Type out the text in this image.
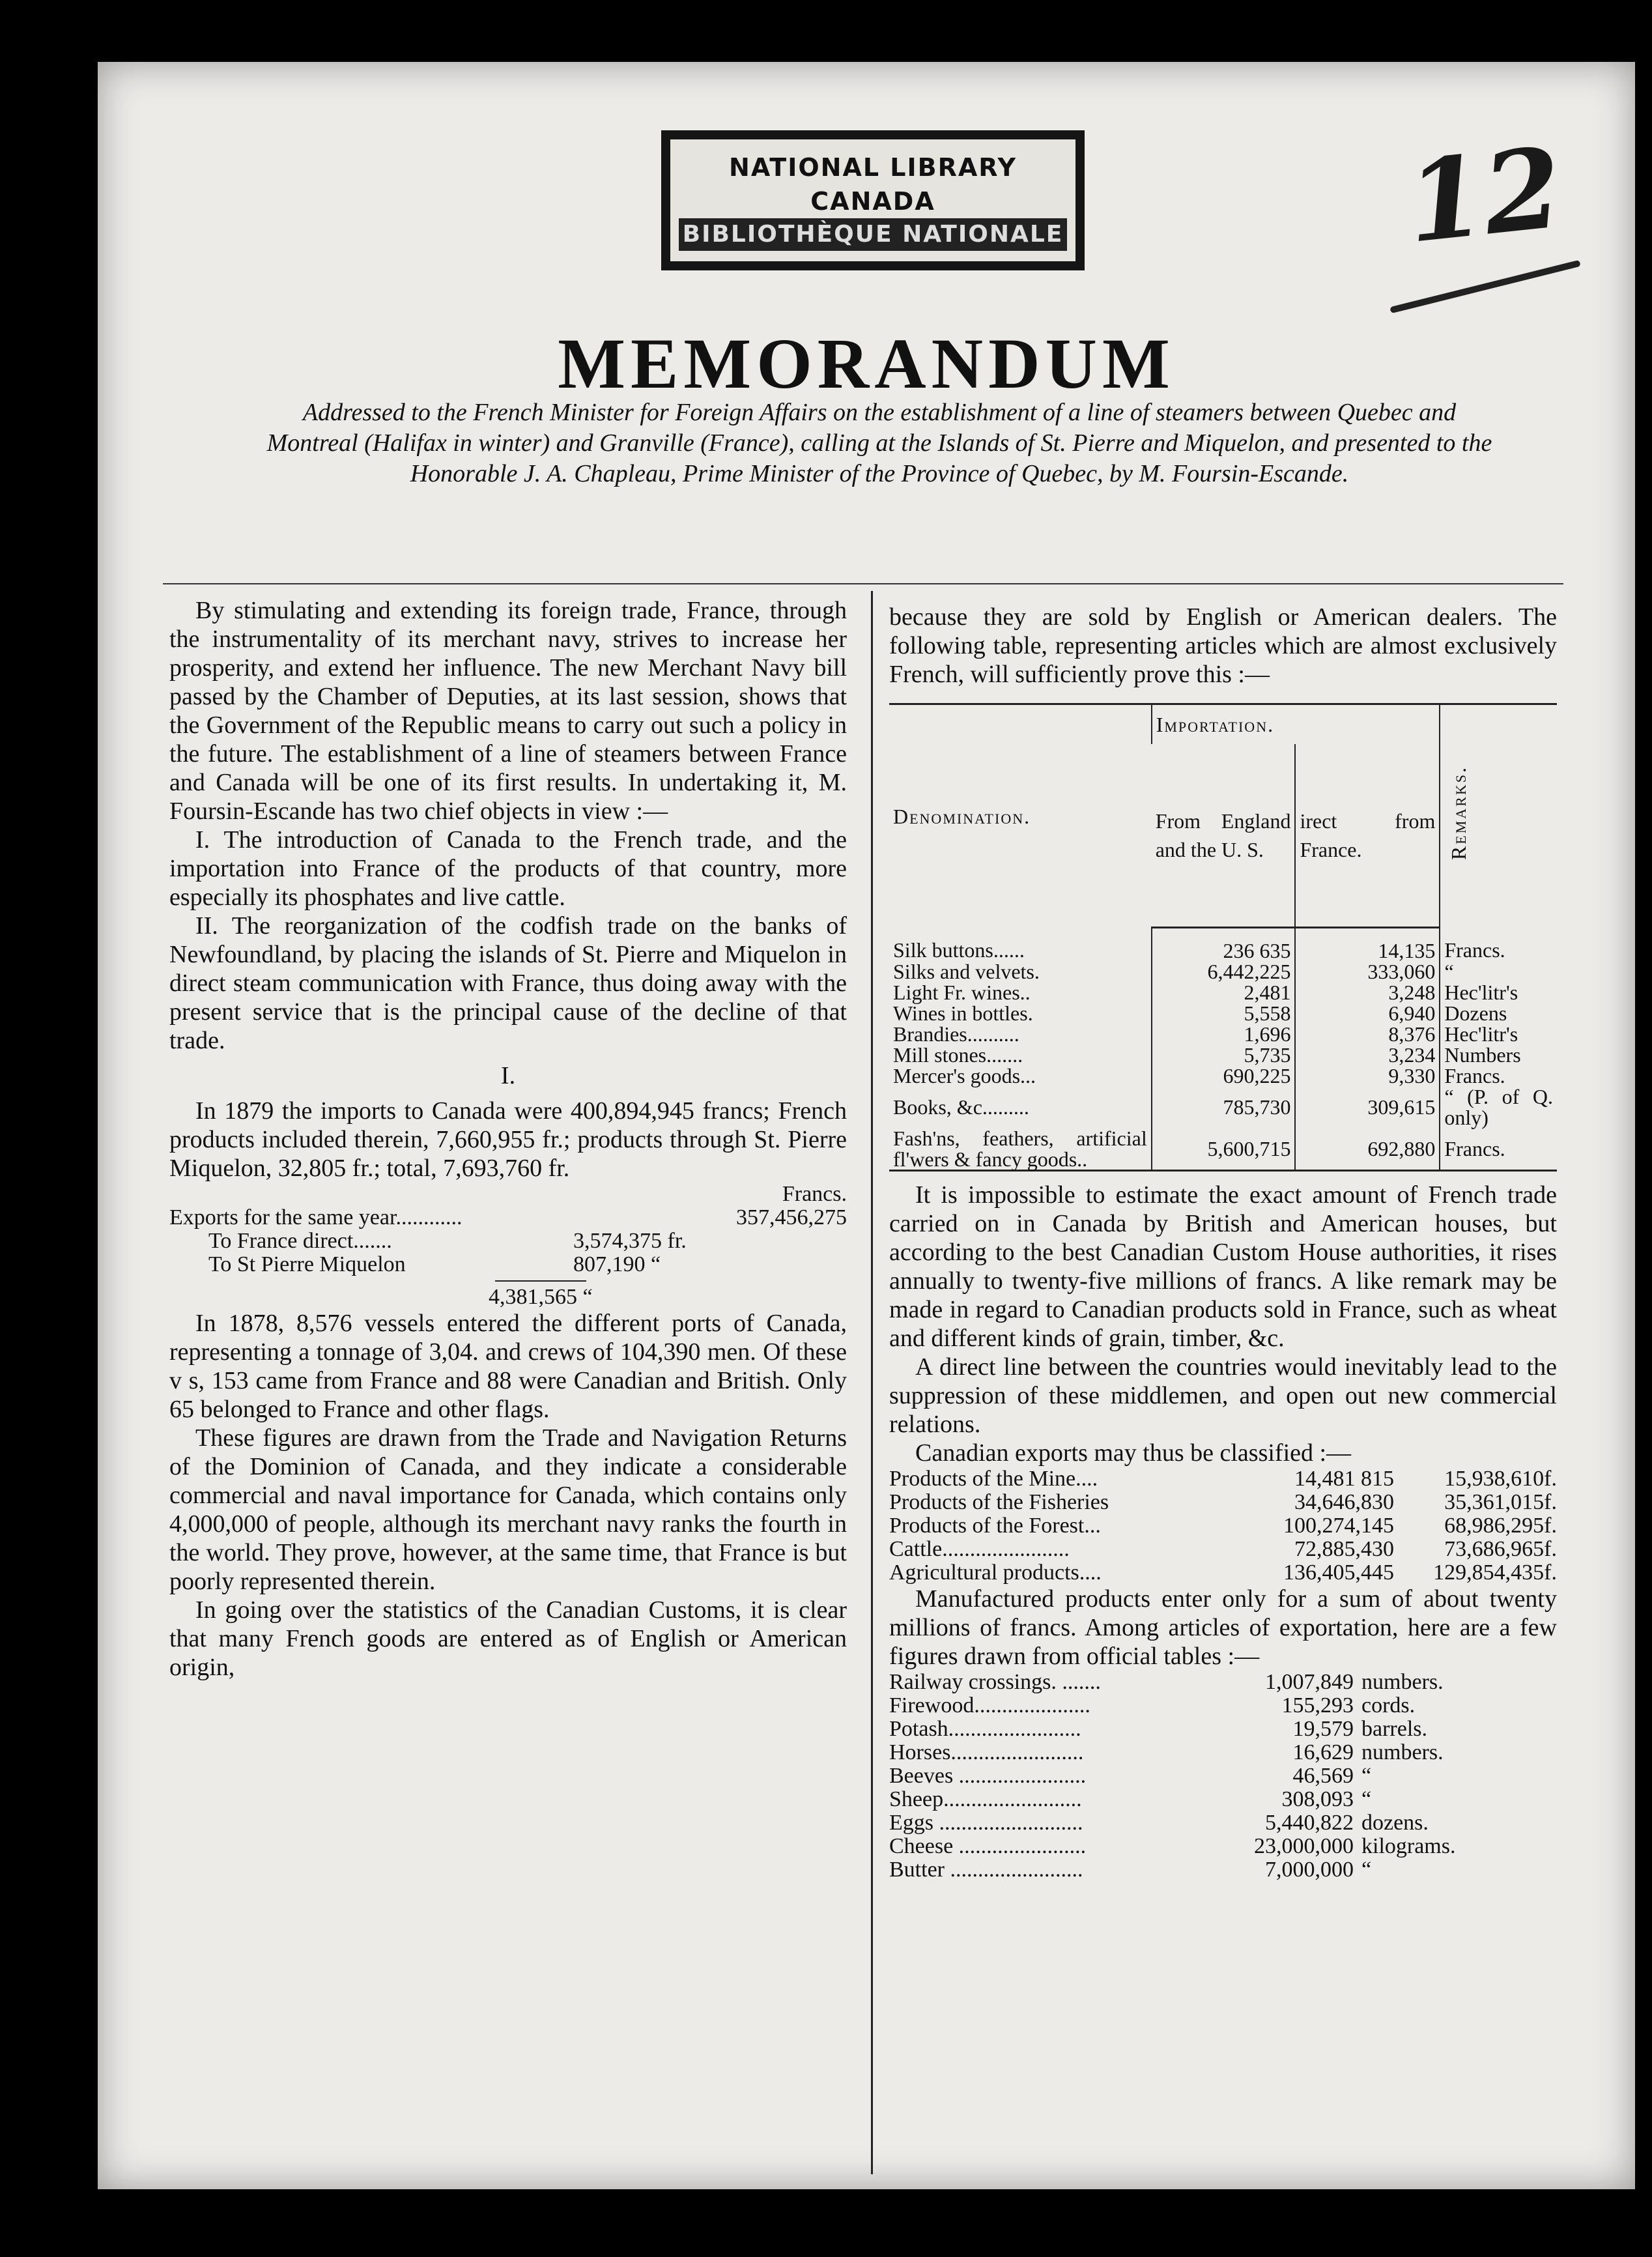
NATIONAL LIBRARY
CANADA
BIBLIOTHÈQUE NATIONALE	12
MEMORANDUM
Addressed to the French Minister for Foreign Affairs on the establishment of a line of steamers between Quebec and Montreal (Halifax in winter) and Granville (France), calling at the Islands of St. Pierre and Miquelon, and presented to the Honorable J. A. Chapleau, Prime Minister of the Province of Quebec, by M. Foursin-Escande.

By stimulating and extending its foreign trade, France, through the instrumentality of its merchant navy, strives to increase her prosperity, and extend her influence. The new Merchant Navy bill passed by the Chamber of Deputies, at its last session, shows that the Government of the Republic means to carry out such a policy in the future. The establishment of a line of steamers between France and Canada will be one of its first results. In undertaking it, M. Foursin-Escande has two chief objects in view :—

I. The introduction of Canada to the French trade, and the importation into France of the products of that country, more especially its phosphates and live cattle.

II. The reorganization of the codfish trade on the banks of Newfoundland, by placing the islands of St. Pierre and Miquelon in direct steam communication with France, thus doing away with the present service that is the principal cause of the decline of that trade.

I.

In 1879 the imports to Canada were 400,894,945 francs; French products included therein, 7,660,955 fr.; products through St. Pierre Miquelon, 32,805 fr.; total, 7,693,760 fr.

Francs.
Exports for the same year............	357,456,275
To France direct.......	3,574,375 fr.
To St Pierre Miquelon	807,190 “
4,381,565 “

In 1878, 8,576 vessels entered the different ports of Canada, representing a tonnage of 3,04. and crews of 104,390 men. Of these v s, 153 came from France and 88 were Canadian and British. Only 65 belonged to France and other flags.

These figures are drawn from the Trade and Navigation Returns of the Dominion of Canada, and they indicate a considerable commercial and naval importance for Canada, which contains only 4,000,000 of people, although its merchant navy ranks the fourth in the world. They prove, however, at the same time, that France is but poorly represented therein.

In going over the statistics of the Canadian Customs, it is clear that many French goods are entered as of English or American origin,

because they are sold by English or American dealers. The following table, representing articles which are almost exclusively French, will sufficiently prove this :—

Denomination.	Importation.		Remarks.
	From England and the U. S.	irect from France.	
Silk buttons......	236 635	14,135	Francs.
Silks and velvets.	6,442,225	333,060	“
Light Fr. wines..	2,481	3,248	Hec'litr's
Wines in bottles.	5,558	6,940	Dozens
Brandies..........	1,696	8,376	Hec'litr's
Mill stones.......	5,735	3,234	Numbers
Mercer's goods...	690,225	9,330	Francs.
Books, &c.........	785,730	309,615	“ (P. of Q. only)
Fash'ns, feathers, artificial fl'wers & fancy goods..	5,600,715	692,880	Francs.

It is impossible to estimate the exact amount of French trade carried on in Canada by British and American houses, but according to the best Canadian Custom House authorities, it rises annually to twenty-five millions of francs. A like remark may be made in regard to Canadian products sold in France, such as wheat and different kinds of grain, timber, &c.

A direct line between the countries would inevitably lead to the suppression of these middlemen, and open out new commercial relations.

Canadian exports may thus be classified :—

Products of the Mine....	14,481 815	15,938,610f.
Products of the Fisheries	34,646,830	35,361,015f.
Products of the Forest...	100,274,145	68,986,295f.
Cattle.......................	72,885,430	73,686,965f.
Agricultural products....	136,405,445	129,854,435f.

Manufactured products enter only for a sum of about twenty millions of francs. Among articles of exportation, here are a few figures drawn from official tables :—

Railway crossings. .......	1,007,849 numbers.
Firewood.....................	155,293 cords.
Potash........................	19,579 barrels.
Horses........................	16,629 numbers.
Beeves .......................	46,569 “
Sheep.........................	308,093 “
Eggs ..........................	5,440,822 dozens.
Cheese .......................	23,000,000 kilograms.
Butter ........................	7,000,000 “
